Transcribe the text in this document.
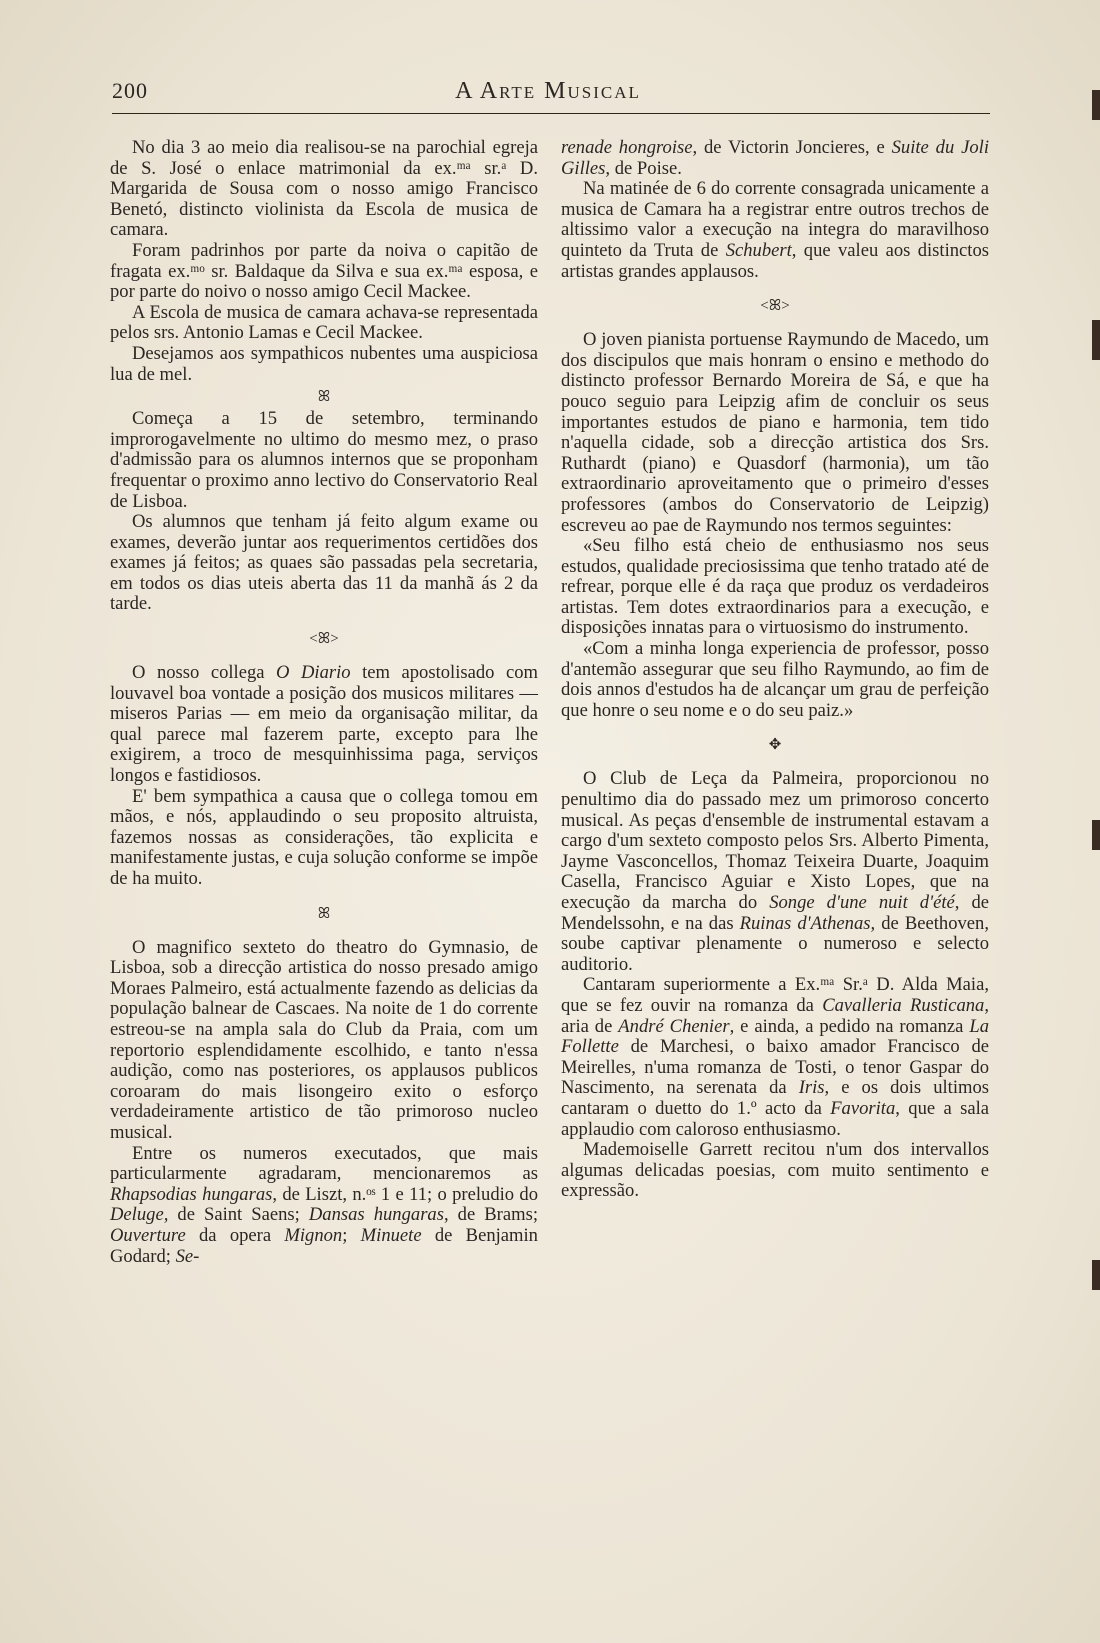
200	A Arte Musical

No dia 3 ao meio dia realisou-se na parochial egreja de S. José o enlace matrimonial da ex.ᵐᵃ sr.ᵃ D. Margarida de Sousa com o nosso amigo Francisco Benetó, distincto violinista da Escola de musica de camara.

Foram padrinhos por parte da noiva o capitão de fragata ex.ᵐᵒ sr. Baldaque da Silva e sua ex.ᵐᵃ esposa, e por parte do noivo o nosso amigo Cecil Mackee.

A Escola de musica de camara achava-se representada pelos srs. Antonio Lamas e Cecil Mackee.

Desejamos aos sympathicos nubentes uma auspiciosa lua de mel.

ꕤ

Começa a 15 de setembro, terminando improrogavelmente no ultimo do mesmo mez, o praso d'admissão para os alumnos internos que se proponham frequentar o proximo anno lectivo do Conservatorio Real de Lisboa.

Os alumnos que tenham já feito algum exame ou exames, deverão juntar aos requerimentos certidões dos exames já feitos; as quaes são passadas pela secretaria, em todos os dias uteis aberta das 11 da manhã ás 2 da tarde.

<ꕤ>

O nosso collega O Diario tem apostolisado com louvavel boa vontade a posição dos musicos militares — miseros Parias — em meio da organisação militar, da qual parece mal fazerem parte, excepto para lhe exigirem, a troco de mesquinhissima paga, serviços longos e fastidiosos.

E' bem sympathica a causa que o collega tomou em mãos, e nós, applaudindo o seu proposito altruista, fazemos nossas as considerações, tão explicita e manifestamente justas, e cuja solução conforme se impõe de ha muito.

ꕤ

O magnifico sexteto do theatro do Gymnasio, de Lisboa, sob a direcção artistica do nosso presado amigo Moraes Palmeiro, está actualmente fazendo as delicias da população balnear de Cascaes. Na noite de 1 do corrente estreou-se na ampla sala do Club da Praia, com um reportorio esplendidamente escolhido, e tanto n'essa audição, como nas posteriores, os applausos publicos coroaram do mais lisongeiro exito o esforço verdadeiramente artistico de tão primoroso nucleo musical.

Entre os numeros executados, que mais particularmente agradaram, mencionaremos as Rhapsodias hungaras, de Liszt, n.ᵒˢ 1 e 11; o preludio do Deluge, de Saint Saens; Dansas hungaras, de Brams; Ouverture da opera Mignon; Minuete de Benjamin Godard; Se-

renade hongroise, de Victorin Joncieres, e Suite du Joli Gilles, de Poise.

Na matinée de 6 do corrente consagrada unicamente a musica de Camara ha a registrar entre outros trechos de altissimo valor a execução na integra do maravilhoso quinteto da Truta de Schubert, que valeu aos distinctos artistas grandes applausos.

<ꕤ>

O joven pianista portuense Raymundo de Macedo, um dos discipulos que mais honram o ensino e methodo do distincto professor Bernardo Moreira de Sá, e que ha pouco seguio para Leipzig afim de concluir os seus importantes estudos de piano e harmonia, tem tido n'aquella cidade, sob a direcção artistica dos Srs. Ruthardt (piano) e Quasdorf (harmonia), um tão extraordinario aproveitamento que o primeiro d'esses professores (ambos do Conservatorio de Leipzig) escreveu ao pae de Raymundo nos termos seguintes:

«Seu filho está cheio de enthusiasmo nos seus estudos, qualidade preciosissima que tenho tratado até de refrear, porque elle é da raça que produz os verdadeiros artistas. Tem dotes extraordinarios para a execução, e disposições innatas para o virtuosismo do instrumento.

«Com a minha longa experiencia de professor, posso d'antemão assegurar que seu filho Raymundo, ao fim de dois annos d'estudos ha de alcançar um grau de perfeição que honre o seu nome e o do seu paiz.»

✥

O Club de Leça da Palmeira, proporcionou no penultimo dia do passado mez um primoroso concerto musical. As peças d'ensemble de instrumental estavam a cargo d'um sexteto composto pelos Srs. Alberto Pimenta, Jayme Vasconcellos, Thomaz Teixeira Duarte, Joaquim Casella, Francisco Aguiar e Xisto Lopes, que na execução da marcha do Songe d'une nuit d'été, de Mendelssohn, e na das Ruinas d'Athenas, de Beethoven, soube captivar plenamente o numeroso e selecto auditorio.

Cantaram superiormente a Ex.ᵐᵃ Sr.ᵃ D. Alda Maia, que se fez ouvir na romanza da Cavalleria Rusticana, aria de André Chenier, e ainda, a pedido na romanza La Follette de Marchesi, o baixo amador Francisco de Meirelles, n'uma romanza de Tosti, o tenor Gaspar do Nascimento, na serenata da Iris, e os dois ultimos cantaram o duetto do 1.º acto da Favorita, que a sala applaudio com caloroso enthusiasmo.

Mademoiselle Garrett recitou n'um dos intervallos algumas delicadas poesias, com muito sentimento e expressão.
